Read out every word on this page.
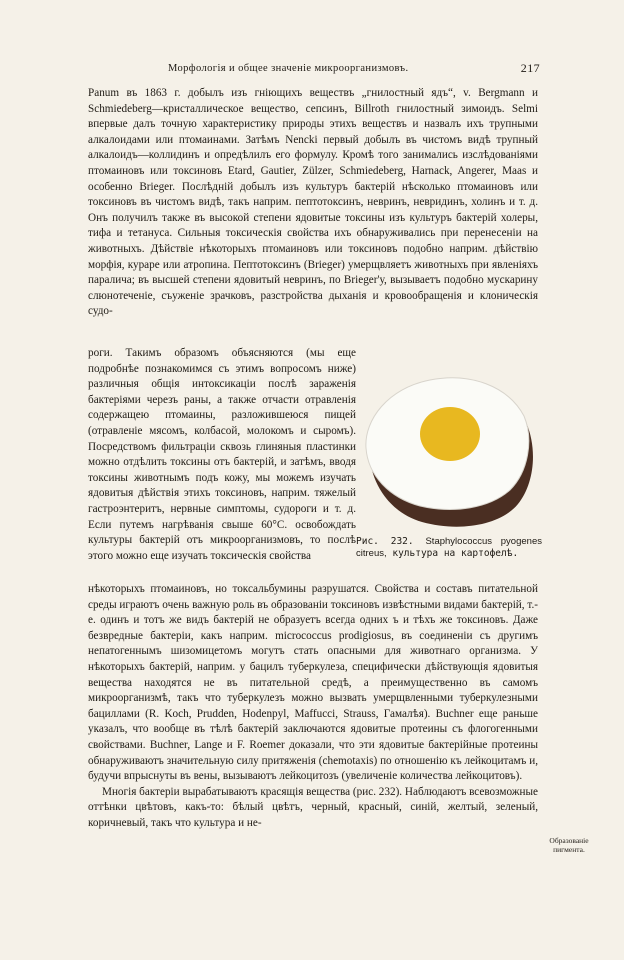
Морфологія и общее значеніе микроорганизмовъ.	217

Panum въ 1863 г. добылъ изъ гніющихъ веществъ „гнилостный ядъ“, v. Bergmann и Schmiedeberg—кристаллическое вещество, сепсинъ, Billroth гнилостный зимоидъ. Selmi впервые далъ точную характеристику природы этихъ веществъ и назвалъ ихъ трупными алкалоидами или птомаинами. Затѣмъ Nencki первый добылъ въ чистомъ видѣ трупный алкалоидъ—коллидинъ и опредѣлилъ его формулу. Кромѣ того занимались изслѣдованіями птомаиновъ или токсиновъ Etard, Gautier, Zülzer, Schmiedeberg, Harnack, Angerer, Maas и особенно Brieger. Послѣдній добылъ изъ культуръ бактерій нѣсколько птомаиновъ или токсиновъ въ чистомъ видѣ, такъ наприм. пептотоксинъ, невринъ, невридинъ, холинъ и т. д. Онъ получилъ также въ высокой степени ядовитые токсины изъ культуръ бактерій холеры, тифа и тетануса. Сильныя токсическія свойства ихъ обнаруживались при перенесеніи на животныхъ. Дѣйствіе нѣкоторыхъ птомаиновъ или токсиновъ подобно наприм. дѣйствію морфія, кураре или атропина. Пептотоксинъ (Brieger) умерщвляетъ животныхъ при явленіяхъ паралича; въ высшей степени ядовитый невринъ, по Brieger'у, вызываетъ подобно мускарину слюнотеченіе, съуженіе зрачковъ, разстройства дыханія и кровообращенія и клоническія судо-

роги. Такимъ образомъ объясняются (мы еще подробнѣе познакомимся съ этимъ вопросомъ ниже) различныя общія интоксикаціи послѣ зараженія бактеріями черезъ раны, а также отчасти отравленія содержащею птомаины, разложившеюся пищей (отравленіе мясомъ, колбасой, молокомъ и сыромъ). Посредствомъ фильтраціи сквозь глиняныя пластинки можно отдѣлить токсины отъ бактерій, и затѣмъ, вводя токсины животнымъ подъ кожу, мы можемъ изучать ядовитыя дѣйствія этихъ токсиновъ, наприм. тяжелый гастроэнтеритъ, нервные симптомы, судороги и т. д. Если путемъ нагрѣванія свыше 60°С. освобождать культуры бактерій отъ микроорганизмовъ, то послѣ этого можно еще изучать токсическія свойства

Рис. 232. Staphylococcus pyogenes citreus, культура на картофелѣ.

нѣкоторыхъ птомаиновъ, но токсальбумины разрушатся. Свойства и составъ питательной среды играютъ очень важную роль въ образованіи токсиновъ извѣстными видами бактерій, т.-е. одинъ и тотъ же видъ бактерій не образуетъ всегда одних ъ и тѣхъ же токсиновъ. Даже безвредные бактеріи, какъ наприм. micrococcus prodigiosus, въ соединеніи съ другимъ непатогеннымъ шизомицетомъ могутъ стать опасными для животнаго организма. У нѣкоторыхъ бактерій, наприм. у бацилъ туберкулеза, специфически дѣйствующія ядовитыя вещества находятся не въ питательной средѣ, а преимущественно въ самомъ микроорганизмѣ, такъ что туберкулезъ можно вызвать умерщвленными туберкулезными бациллами (R. Koch, Prudden, Hodenpyl, Maffucci, Strauss, Гамалѣя). Buchner еще раньше указалъ, что вообще въ тѣлѣ бактерій заключаются ядовитые протеины съ флогогенными свойствами. Buchner, Lange и F. Roemer доказали, что эти ядовитые бактерійные протеины обнаруживаютъ значительную силу притяженія (chemotaxis) по отношенію къ лейкоцитамъ и, будучи впрыснуты въ вены, вызываютъ лейкоцитозъ (увеличеніе количества лейкоцитовъ).

Многія бактеріи вырабатываютъ красящія вещества (рис. 232). Наблюдаютъ всевозможные оттѣнки цвѣтовъ, какъ-то: бѣлый цвѣтъ, черный, красный, синій, желтый, зеленый, коричневый, такъ что культура и не-

Образованіе пигмента.
